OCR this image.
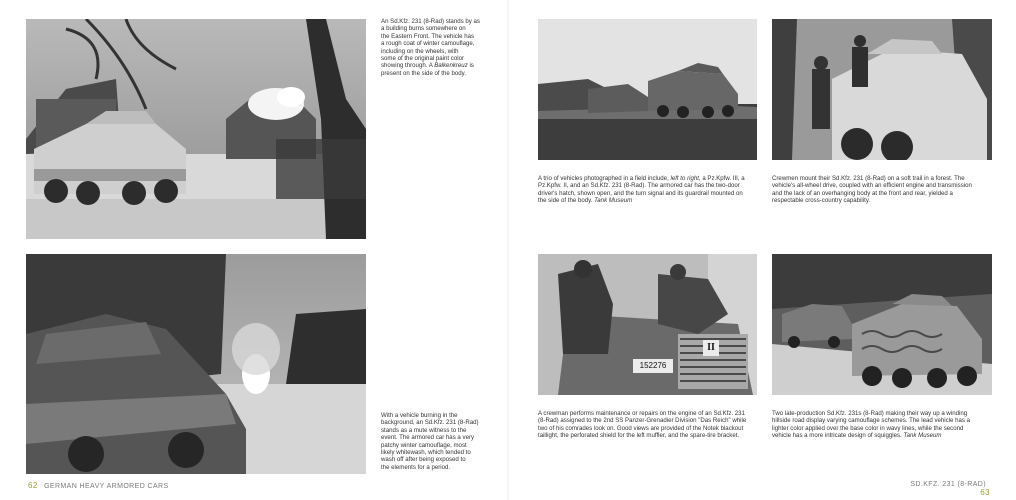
An Sd.Kfz. 231 (8-Rad) stands by as
a building burns somewhere on
the Eastern Front. The vehicle has
a rough coat of winter camouflage,
including on the wheels, with
some of the original paint color
showing through. A Balkenkreuz is
present on the side of the body.
With a vehicle burning in the
background, an Sd.Kfz. 231 (8-Rad)
stands as a mute witness to the
event. The armored car has a very
patchy winter camouflage, most
likely whitewash, which tended to
wash off after being exposed to
the elements for a period.
62 GERMAN HEAVY ARMORED CARS
A trio of vehicles photographed in a field include, left to right, a Pz.Kpfw. III, a
Pz.Kpfw. II, and an Sd.Kfz. 231 (8-Rad). The armored car has the two-door
driver's hatch, shown open, and the turn signal and its guardrail mounted on
the side of the body. Tank Museum
Crewmen mount their Sd.Kfz. 231 (8-Rad) on a soft trail in a forest. The
vehicle's all-wheel drive, coupled with an efficient engine and transmission
and the lack of an overhanging body at the front and rear, yielded a
respectable cross-country capability.
152276
II
A crewman performs maintenance or repairs on the engine of an Sd.Kfz. 231
(8-Rad) assigned to the 2nd SS Panzer-Grenadier Division "Das Reich" while
two of his comrades look on. Good views are provided of the Notek blackout
taillight, the perforated shield for the left muffler, and the spare-tire bracket.
Two late-production Sd.Kfz. 231s (8-Rad) making their way up a winding
hillside road display varying camouflage schemes. The lead vehicle has a
lighter color applied over the base color in wavy lines, while the second
vehicle has a more intricate design of squiggles. Tank Museum
SD.KFZ. 231 (8-RAD) 63
